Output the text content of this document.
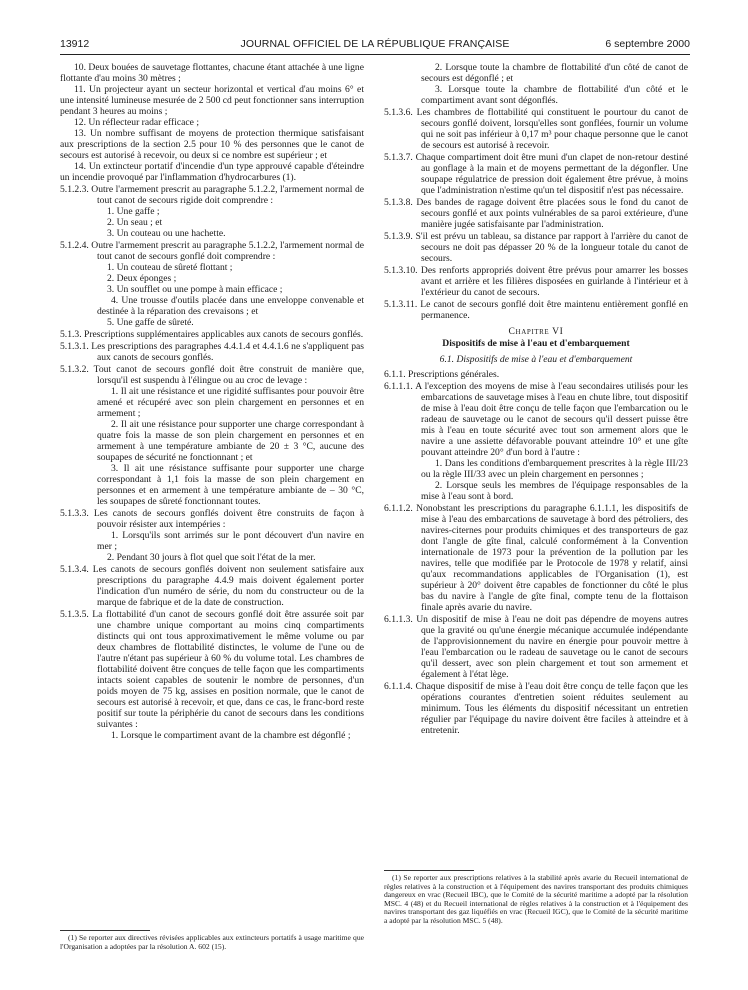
13912	JOURNAL OFFICIEL DE LA RÉPUBLIQUE FRANÇAISE	6 septembre 2000

10. Deux bouées de sauvetage flottantes, chacune étant attachée à une ligne flottante d'au moins 30 mètres ;

11. Un projecteur ayant un secteur horizontal et vertical d'au moins 6° et une intensité lumineuse mesurée de 2 500 cd peut fonctionner sans interruption pendant 3 heures au moins ;

12. Un réflecteur radar efficace ;

13. Un nombre suffisant de moyens de protection thermique satisfaisant aux prescriptions de la section 2.5 pour 10 % des personnes que le canot de secours est autorisé à recevoir, ou deux si ce nombre est supérieur ; et

14. Un extincteur portatif d'incendie d'un type approuvé capable d'éteindre un incendie provoqué par l'inflammation d'hydrocarbures (1).

5.1.2.3. Outre l'armement prescrit au paragraphe 5.1.2.2, l'armement normal de tout canot de secours rigide doit comprendre :

1. Une gaffe ;

2. Un seau ; et

3. Un couteau ou une hachette.

5.1.2.4. Outre l'armement prescrit au paragraphe 5.1.2.2, l'armement normal de tout canot de secours gonflé doit comprendre :

1. Un couteau de sûreté flottant ;

2. Deux éponges ;

3. Un soufflet ou une pompe à main efficace ;

4. Une trousse d'outils placée dans une enveloppe convenable et destinée à la réparation des crevaisons ; et

5. Une gaffe de sûreté.

5.1.3. Prescriptions supplémentaires applicables aux canots de secours gonflés.

5.1.3.1. Les prescriptions des paragraphes 4.4.1.4 et 4.4.1.6 ne s'appliquent pas aux canots de secours gonflés.

5.1.3.2. Tout canot de secours gonflé doit être construit de manière que, lorsqu'il est suspendu à l'élingue ou au croc de levage :

1. Il ait une résistance et une rigidité suffisantes pour pouvoir être amené et récupéré avec son plein chargement en personnes et en armement ;

2. Il ait une résistance pour supporter une charge correspondant à quatre fois la masse de son plein chargement en personnes et en armement à une température ambiante de 20 ± 3 °C, aucune des soupapes de sécurité ne fonctionnant ; et

3. Il ait une résistance suffisante pour supporter une charge correspondant à 1,1 fois la masse de son plein chargement en personnes et en armement à une température ambiante de – 30 °C, les soupapes de sûreté fonctionnant toutes.

5.1.3.3. Les canots de secours gonflés doivent être construits de façon à pouvoir résister aux intempéries :

1. Lorsqu'ils sont arrimés sur le pont découvert d'un navire en mer ;

2. Pendant 30 jours à flot quel que soit l'état de la mer.

5.1.3.4. Les canots de secours gonflés doivent non seulement satisfaire aux prescriptions du paragraphe 4.4.9 mais doivent également porter l'indication d'un numéro de série, du nom du constructeur ou de la marque de fabrique et de la date de construction.

5.1.3.5. La flottabilité d'un canot de secours gonflé doit être assurée soit par une chambre unique comportant au moins cinq compartiments distincts qui ont tous approximativement le même volume ou par deux chambres de flottabilité distinctes, le volume de l'une ou de l'autre n'étant pas supérieur à 60 % du volume total. Les chambres de flottabilité doivent être conçues de telle façon que les compartiments intacts soient capables de soutenir le nombre de personnes, d'un poids moyen de 75 kg, assises en position normale, que le canot de secours est autorisé à recevoir, et que, dans ce cas, le franc-bord reste positif sur toute la périphérie du canot de secours dans les conditions suivantes :

1. Lorsque le compartiment avant de la chambre est dégonflé ;

(1) Se reporter aux directives révisées applicables aux extincteurs portatifs à usage maritime que l'Organisation a adoptées par la résolution A. 602 (15).

2. Lorsque toute la chambre de flottabilité d'un côté de canot de secours est dégonflé ; et

3. Lorsque toute la chambre de flottabilité d'un côté et le compartiment avant sont dégonflés.

5.1.3.6. Les chambres de flottabilité qui constituent le pourtour du canot de secours gonflé doivent, lorsqu'elles sont gonflées, fournir un volume qui ne soit pas inférieur à 0,17 m³ pour chaque personne que le canot de secours est autorisé à recevoir.

5.1.3.7. Chaque compartiment doit être muni d'un clapet de non-retour destiné au gonflage à la main et de moyens permettant de la dégonfler. Une soupape régulatrice de pression doit également être prévue, à moins que l'administration n'estime qu'un tel dispositif n'est pas nécessaire.

5.1.3.8. Des bandes de ragage doivent être placées sous le fond du canot de secours gonflé et aux points vulnérables de sa paroi extérieure, d'une manière jugée satisfaisante par l'administration.

5.1.3.9. S'il est prévu un tableau, sa distance par rapport à l'arrière du canot de secours ne doit pas dépasser 20 % de la longueur totale du canot de secours.

5.1.3.10. Des renforts appropriés doivent être prévus pour amarrer les bosses avant et arrière et les filières disposées en guirlande à l'intérieur et à l'extérieur du canot de secours.

5.1.3.11. Le canot de secours gonflé doit être maintenu entièrement gonflé en permanence.

Chapitre VI

Dispositifs de mise à l'eau et d'embarquement

6.1. Dispositifs de mise à l'eau et d'embarquement

6.1.1. Prescriptions générales.

6.1.1.1. A l'exception des moyens de mise à l'eau secondaires utilisés pour les embarcations de sauvetage mises à l'eau en chute libre, tout dispositif de mise à l'eau doit être conçu de telle façon que l'embarcation ou le radeau de sauvetage ou le canot de secours qu'il dessert puisse être mis à l'eau en toute sécurité avec tout son armement alors que le navire a une assiette défavorable pouvant atteindre 10° et une gîte pouvant atteindre 20° d'un bord à l'autre :

1. Dans les conditions d'embarquement prescrites à la règle III/23 ou la règle III/33 avec un plein chargement en personnes ;

2. Lorsque seuls les membres de l'équipage responsables de la mise à l'eau sont à bord.

6.1.1.2. Nonobstant les prescriptions du paragraphe 6.1.1.1, les dispositifs de mise à l'eau des embarcations de sauvetage à bord des pétroliers, des navires-citernes pour produits chimiques et des transporteurs de gaz dont l'angle de gîte final, calculé conformément à la Convention internationale de 1973 pour la prévention de la pollution par les navires, telle que modifiée par le Protocole de 1978 y relatif, ainsi qu'aux recommandations applicables de l'Organisation (1), est supérieur à 20° doivent être capables de fonctionner du côté le plus bas du navire à l'angle de gîte final, compte tenu de la flottaison finale après avarie du navire.

6.1.1.3. Un dispositif de mise à l'eau ne doit pas dépendre de moyens autres que la gravité ou qu'une énergie mécanique accumulée indépendante de l'approvisionnement du navire en énergie pour pouvoir mettre à l'eau l'embarcation ou le radeau de sauvetage ou le canot de secours qu'il dessert, avec son plein chargement et tout son armement et également à l'état lège.

6.1.1.4. Chaque dispositif de mise à l'eau doit être conçu de telle façon que les opérations courantes d'entretien soient réduites seulement au minimum. Tous les éléments du dispositif nécessitant un entretien régulier par l'équipage du navire doivent être faciles à atteindre et à entretenir.

(1) Se reporter aux prescriptions relatives à la stabilité après avarie du Recueil international de règles relatives à la construction et à l'équipement des navires transportant des produits chimiques dangereux en vrac (Recueil IBC), que le Comité de la sécurité maritime a adopté par la résolution MSC. 4 (48) et du Recueil international de règles relatives à la construction et à l'équipement des navires transportant des gaz liquéfiés en vrac (Recueil IGC), que le Comité de la sécurité maritime a adopté par la résolution MSC. 5 (48).
